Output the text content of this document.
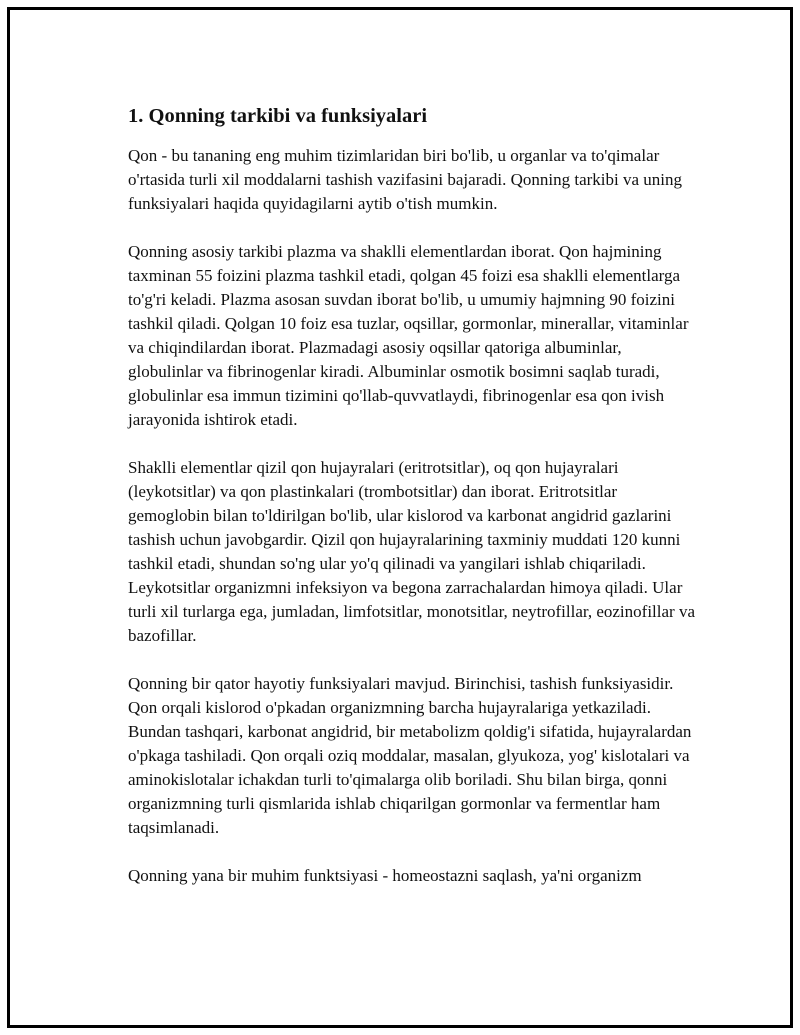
1. Qonning tarkibi va funksiyalari

Qon - bu tananing eng muhim tizimlaridan biri bo'lib, u organlar va to'qimalar o'rtasida turli xil moddalarni tashish vazifasini bajaradi. Qonning tarkibi va uning funksiyalari haqida quyidagilarni aytib o'tish mumkin.

Qonning asosiy tarkibi plazma va shaklli elementlardan iborat. Qon hajmining taxminan 55 foizini plazma tashkil etadi, qolgan 45 foizi esa shaklli elementlarga to'g'ri keladi. Plazma asosan suvdan iborat bo'lib, u umumiy hajmning 90 foizini tashkil qiladi. Qolgan 10 foiz esa tuzlar, oqsillar, gormonlar, minerallar, vitaminlar va chiqindilardan iborat. Plazmadagi asosiy oqsillar qatoriga albuminlar, globulinlar va fibrinogenlar kiradi. Albuminlar osmotik bosimni saqlab turadi, globulinlar esa immun tizimini qo'llab-quvvatlaydi, fibrinogenlar esa qon ivish jarayonida ishtirok etadi.

Shaklli elementlar qizil qon hujayralari (eritrotsitlar), oq qon hujayralari (leykotsitlar) va qon plastinkalari (trombotsitlar) dan iborat. Eritrotsitlar gemoglobin bilan to'ldirilgan bo'lib, ular kislorod va karbonat angidrid gazlarini tashish uchun javobgardir. Qizil qon hujayralarining taxminiy muddati 120 kunni tashkil etadi, shundan so'ng ular yo'q qilinadi va yangilari ishlab chiqariladi. Leykotsitlar organizmni infeksiyon va begona zarrachalardan himoya qiladi. Ular turli xil turlarga ega, jumladan, limfotsitlar, monotsitlar, neytrofillar, eozinofillar va bazofillar.

Qonning bir qator hayotiy funksiyalari mavjud. Birinchisi, tashish funksiyasidir. Qon orqali kislorod o'pkadan organizmning barcha hujayralariga yetkaziladi. Bundan tashqari, karbonat angidrid, bir metabolizm qoldig'i sifatida, hujayralardan o'pkaga tashiladi. Qon orqali oziq moddalar, masalan, glyukoza, yog' kislotalari va aminokislotalar ichakdan turli to'qimalarga olib boriladi. Shu bilan birga, qonni organizmning turli qismlarida ishlab chiqarilgan gormonlar va fermentlar ham taqsimlanadi.

Qonning yana bir muhim funktsiyasi - homeostazni saqlash, ya'ni organizm
